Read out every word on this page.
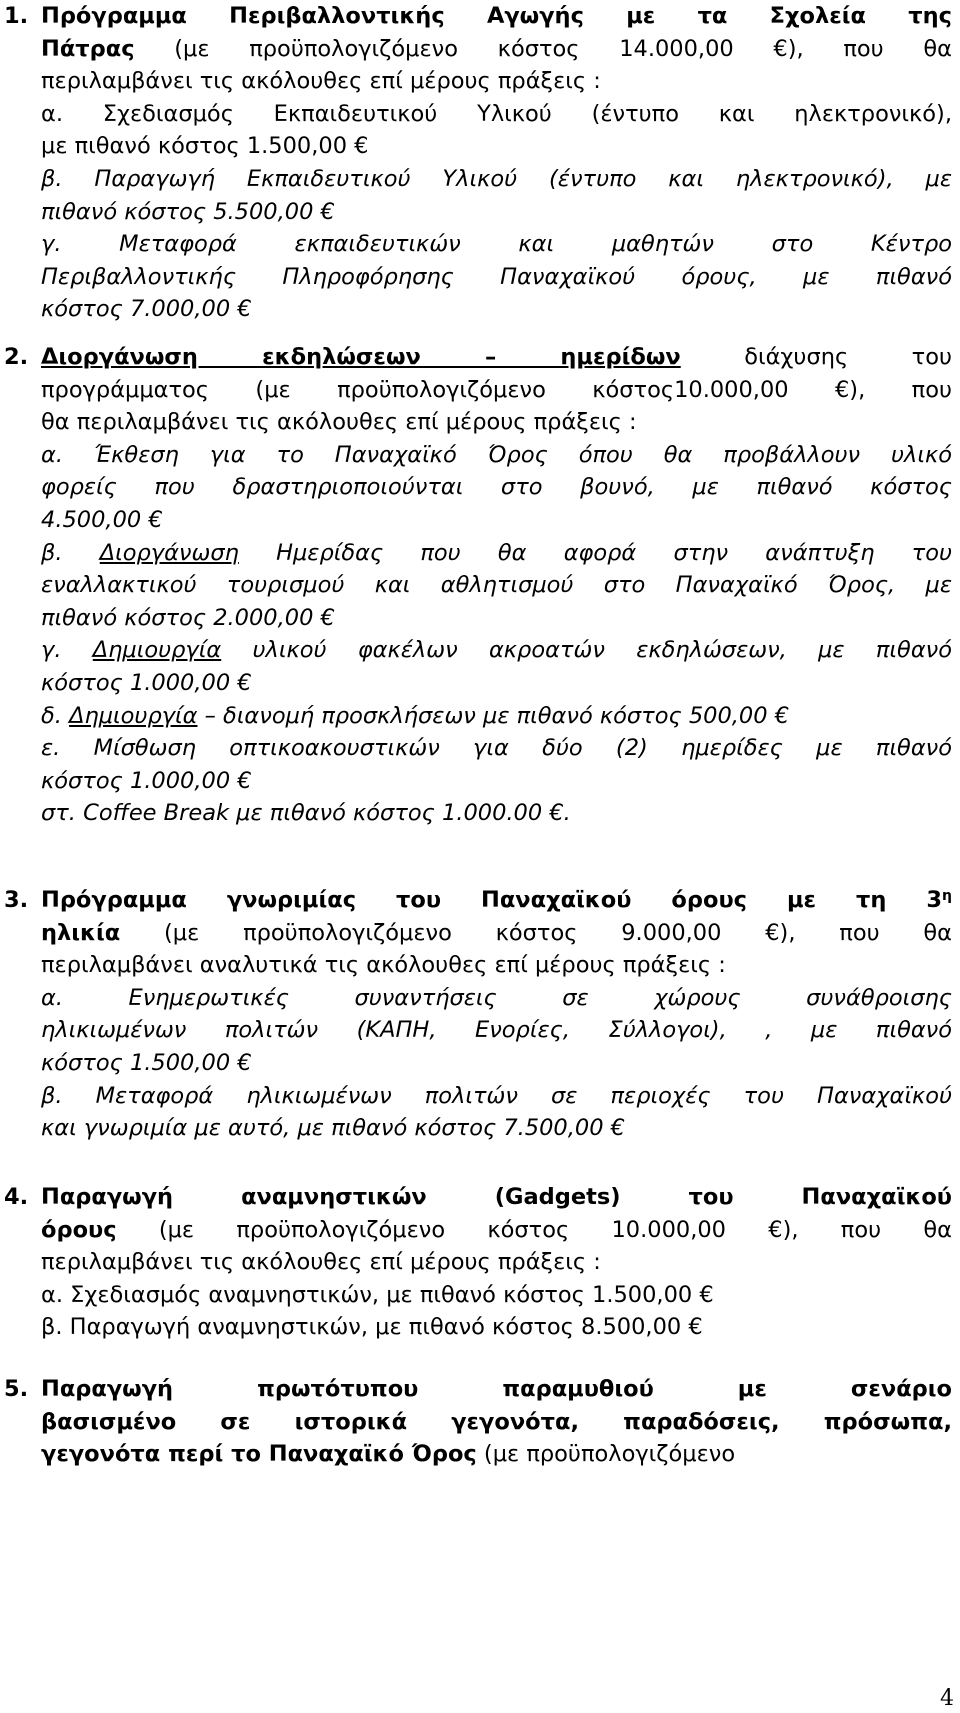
1. Πρόγραμμα Περιβαλλοντικής Αγωγής με τα Σχολεία της
Πάτρας (με προϋπολογιζόμενο κόστος 14.000,00 €), που θα
περιλαμβάνει τις ακόλουθες επί μέρους πράξεις :
α. Σχεδιασμός Εκπαιδευτικού Υλικού (έντυπο και ηλεκτρονικό),
με πιθανό κόστος 1.500,00 €
β. Παραγωγή Εκπαιδευτικού Υλικού (έντυπο και ηλεκτρονικό), με
πιθανό κόστος 5.500,00 €
γ. Μεταφορά εκπαιδευτικών και μαθητών στο Κέντρο
Περιβαλλοντικής Πληροφόρησης Παναχαϊκού όρους, με πιθανό
κόστος 7.000,00 €
2. Διοργάνωση εκδηλώσεων – ημερίδων διάχυσης του
προγράμματος (με προϋπολογιζόμενο κόστος10.000,00 €), που
θα περιλαμβάνει τις ακόλουθες επί μέρους πράξεις :
α. Έκθεση για το Παναχαϊκό Όρος όπου θα προβάλλουν υλικό
φορείς που δραστηριοποιούνται στο βουνό, με πιθανό κόστος
4.500,00 €
β. Διοργάνωση Ημερίδας που θα αφορά στην ανάπτυξη του
εναλλακτικού τουρισμού και αθλητισμού στο Παναχαϊκό Όρος, με
πιθανό κόστος 2.000,00 €
γ. Δημιουργία υλικού φακέλων ακροατών εκδηλώσεων, με πιθανό
κόστος 1.000,00 €
δ. Δημιουργία – διανομή προσκλήσεων με πιθανό κόστος 500,00 €
ε. Μίσθωση οπτικοακουστικών για δύο (2) ημερίδες με πιθανό
κόστος 1.000,00 €
στ. Coffee Break με πιθανό κόστος 1.000.00 €.
3. Πρόγραμμα γνωριμίας του Παναχαϊκού όρους με τη $3^\eta$
ηλικία (με προϋπολογιζόμενο κόστος 9.000,00 €), που θα
περιλαμβάνει αναλυτικά τις ακόλουθες επί μέρους πράξεις :
α. Ενημερωτικές συναντήσεις σε χώρους συνάθροισης
ηλικιωμένων πολιτών (ΚΑΠΗ, Ενορίες, Σύλλογοι), , με πιθανό
κόστος 1.500,00 €
β. Μεταφορά ηλικιωμένων πολιτών σε περιοχές του Παναχαϊκού
και γνωριμία με αυτό, με πιθανό κόστος 7.500,00 €
4. Παραγωγή αναμνηστικών (Gadgets) του Παναχαϊκού
όρους (με προϋπολογιζόμενο κόστος 10.000,00 €), που θα
περιλαμβάνει τις ακόλουθες επί μέρους πράξεις :
α. Σχεδιασμός αναμνηστικών, με πιθανό κόστος 1.500,00 €
β. Παραγωγή αναμνηστικών, με πιθανό κόστος 8.500,00 €
5. Παραγωγή πρωτότυπου παραμυθιού με σενάριο
βασισμένο σε ιστορικά γεγονότα, παραδόσεις, πρόσωπα,
γεγονότα περί το Παναχαϊκό Όρος (με προϋπολογιζόμενο
4
